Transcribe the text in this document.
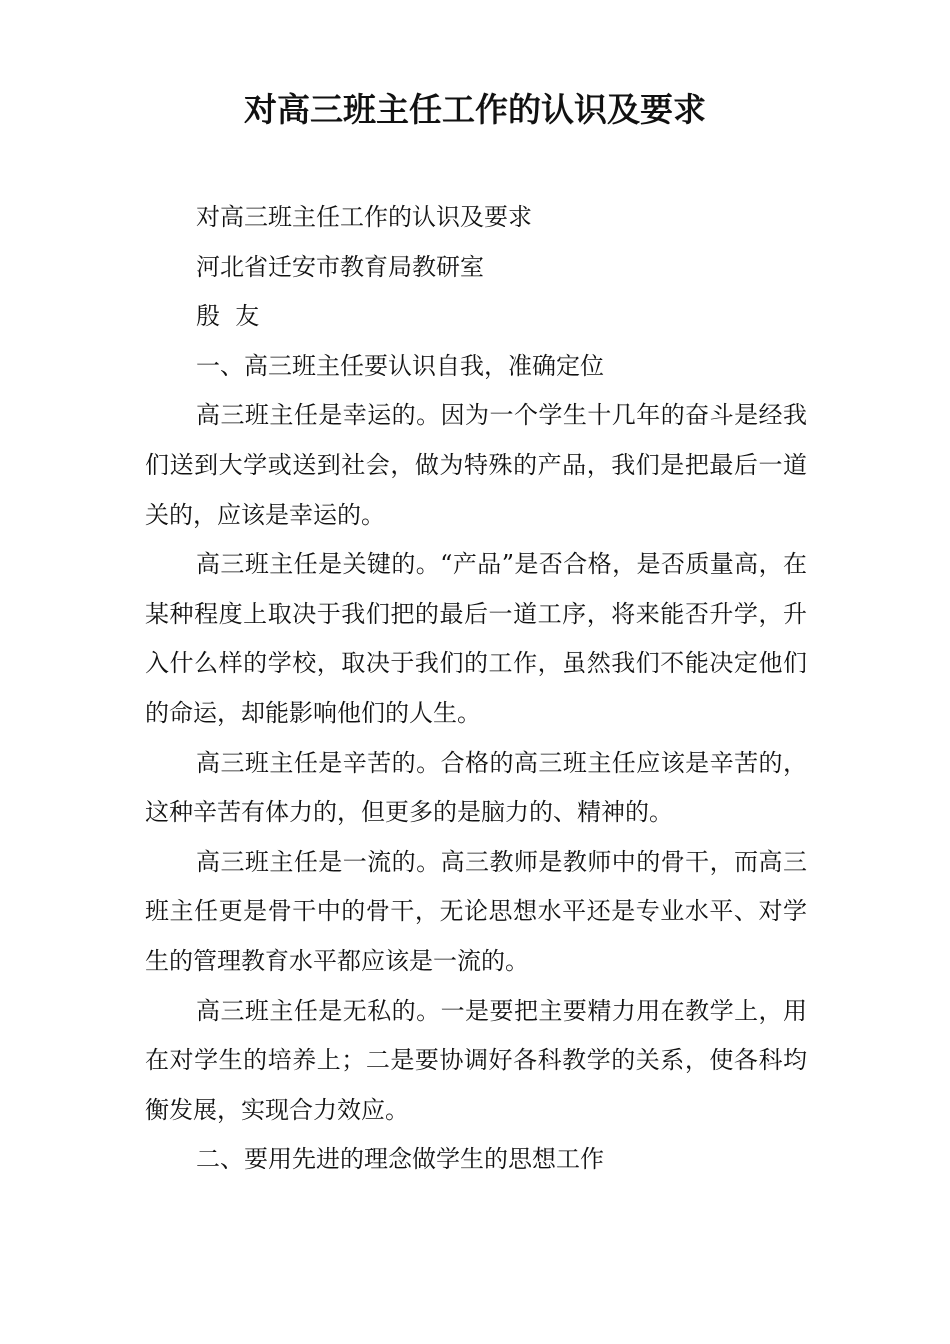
对高三班主任工作的认识及要求

对高三班主任工作的认识及要求

河北省迁安市教育局教研室

殷  友

一、高三班主任要认识自我，准确定位

高三班主任是幸运的。因为一个学生十几年的奋斗是经我们送到大学或送到社会，做为特殊的产品，我们是把最后一道关的，应该是幸运的。

高三班主任是关键的。“产品”是否合格，是否质量高，在某种程度上取决于我们把的最后一道工序，将来能否升学，升入什么样的学校，取决于我们的工作，虽然我们不能决定他们的命运，却能影响他们的人生。

高三班主任是辛苦的。合格的高三班主任应该是辛苦的，这种辛苦有体力的，但更多的是脑力的、精神的。

高三班主任是一流的。高三教师是教师中的骨干，而高三班主任更是骨干中的骨干，无论思想水平还是专业水平、对学生的管理教育水平都应该是一流的。

高三班主任是无私的。一是要把主要精力用在教学上，用在对学生的培养上；二是要协调好各科教学的关系，使各科均衡发展，实现合力效应。

二、要用先进的理念做学生的思想工作
